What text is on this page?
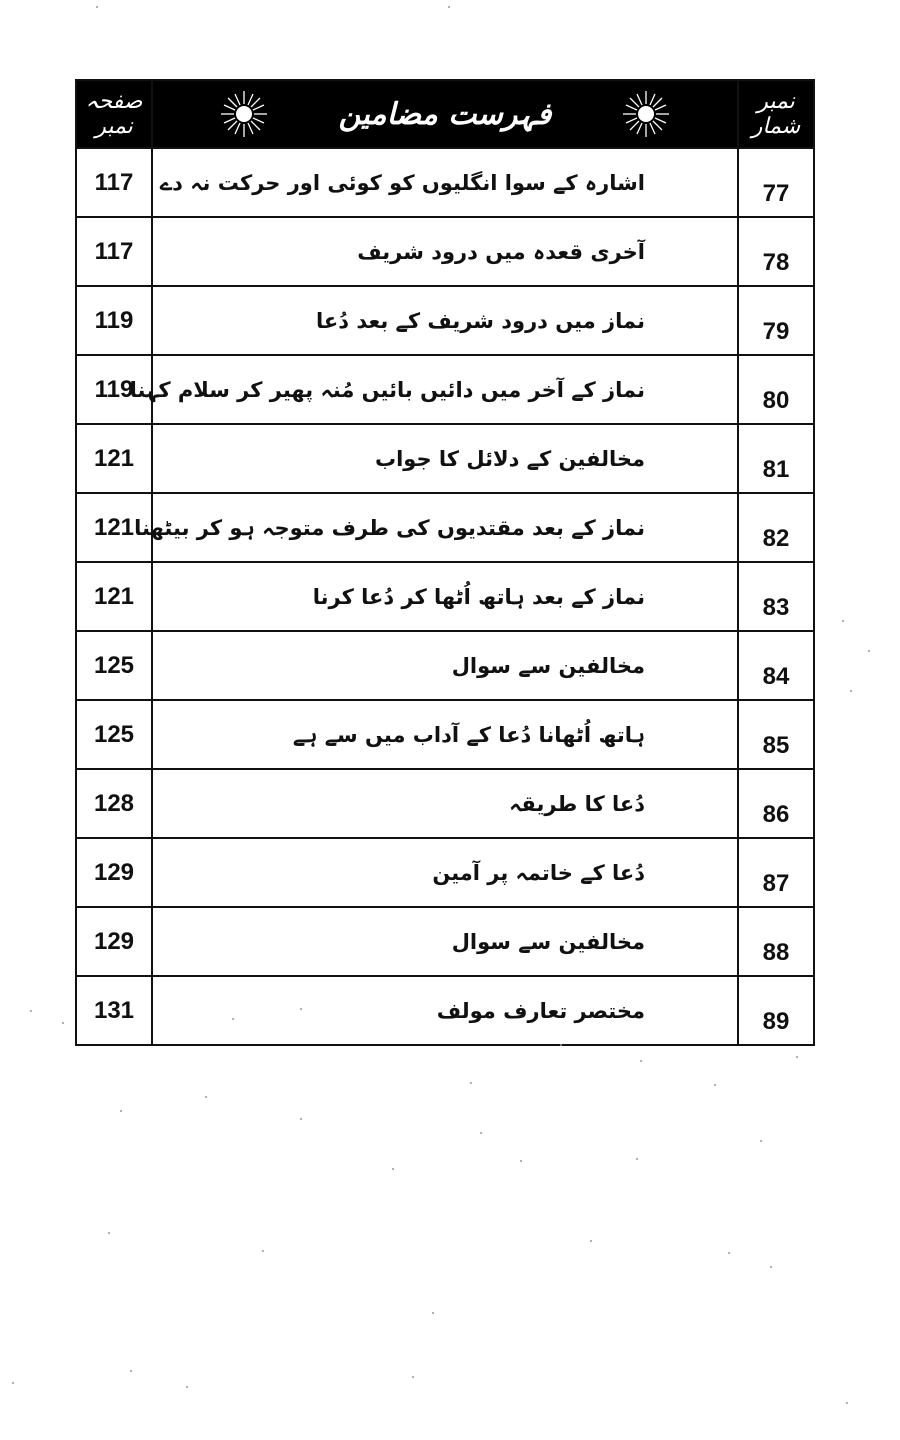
صفحہ نمبر	فہرست مضامین	نمبر شمار
117	اشارہ کے سوا انگلیوں کو کوئی اور حرکت نہ دے	77
117	آخری قعدہ میں درود شریف	78
119	نماز میں درود شریف کے بعد دُعا	79
119	نماز کے آخر میں دائیں بائیں مُنہ پھیر کر سلام کہنا	80
121	مخالفین کے دلائل کا جواب	81
121	نماز کے بعد مقتدیوں کی طرف متوجہ ہو کر بیٹھنا	82
121	نماز کے بعد ہاتھ اُٹھا کر دُعا کرنا	83
125	مخالفین سے سوال	84
125	ہاتھ اُٹھانا دُعا کے آداب میں سے ہے	85
128	دُعا کا طریقہ	86
129	دُعا کے خاتمہ پر آمین	87
129	مخالفین سے سوال	88
131	مختصر تعارف مولف	89
